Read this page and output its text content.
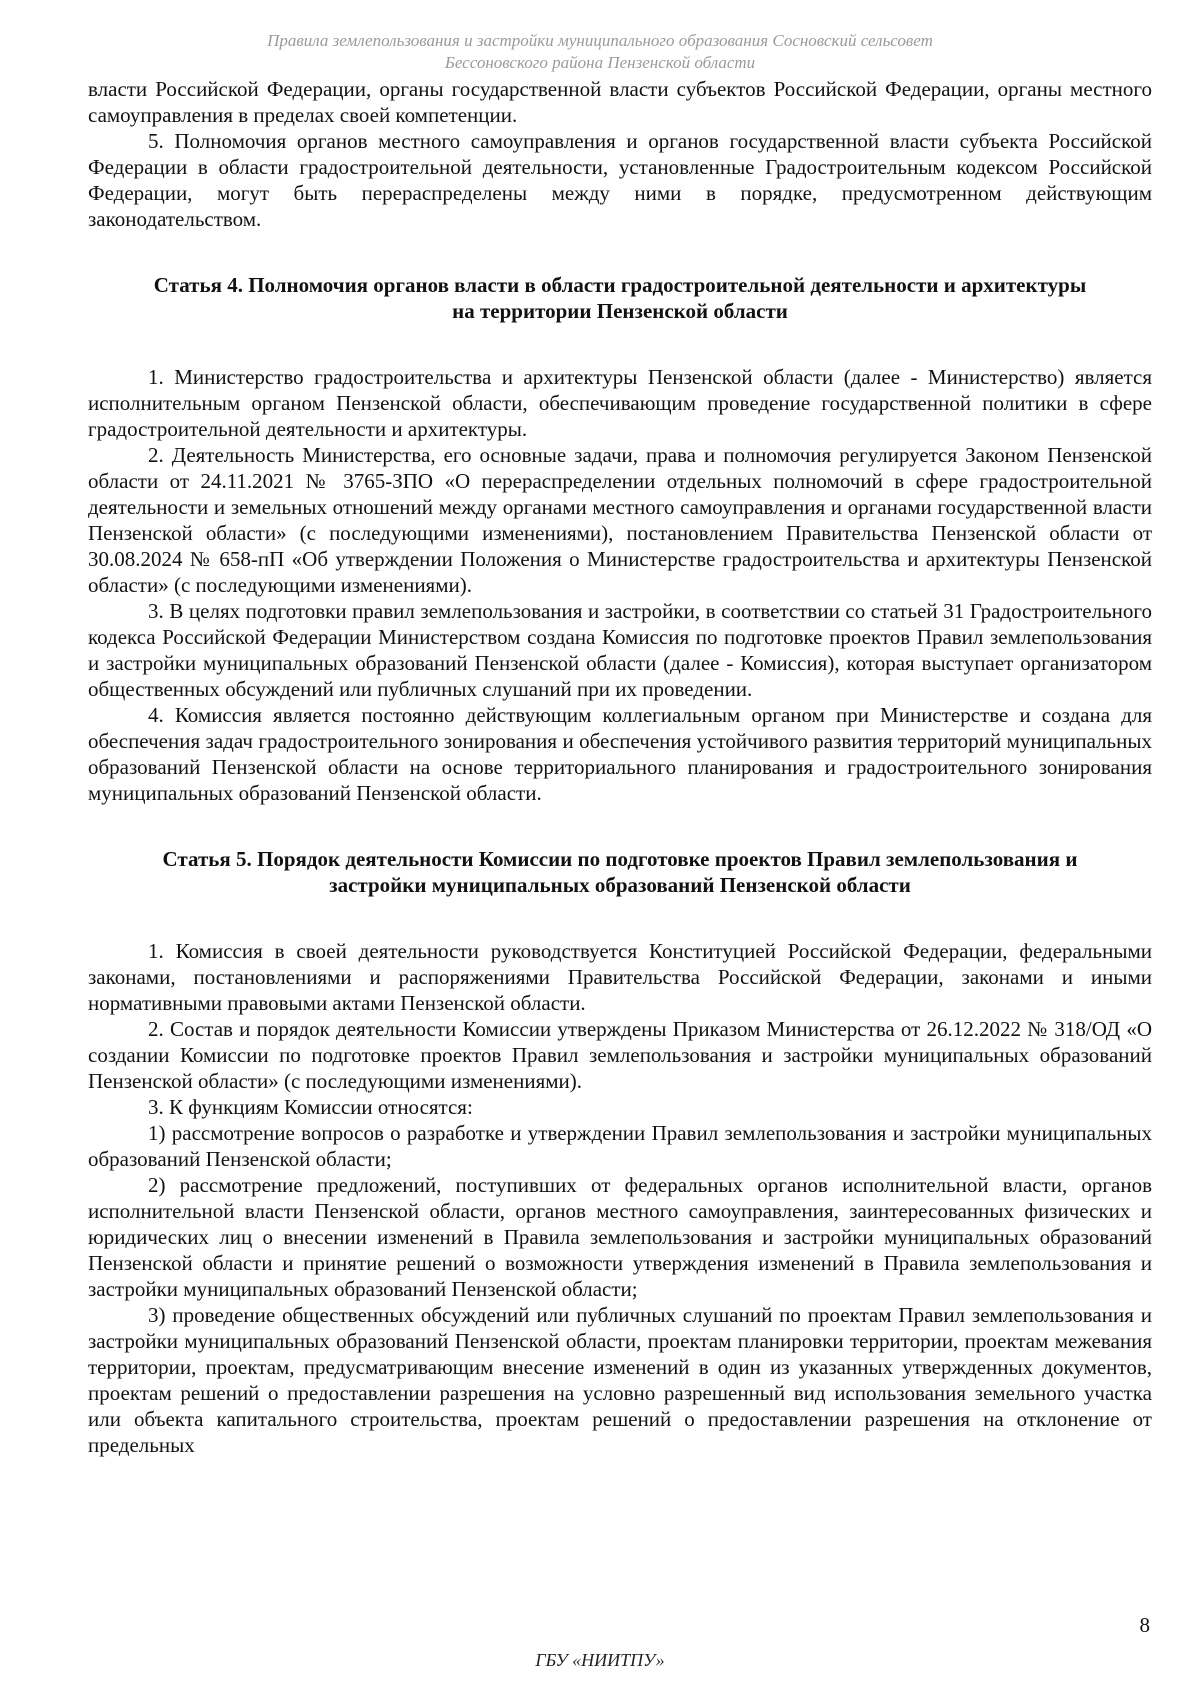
Правила землепользования и застройки муниципального образования Сосновский сельсовет
Бессоновского района Пензенской области

власти Российской Федерации, органы государственной власти субъектов Российской Федерации, органы местного самоуправления в пределах своей компетенции.

5. Полномочия органов местного самоуправления и органов государственной власти субъекта Российской Федерации в области градостроительной деятельности, установленные Градостроительным кодексом Российской Федерации, могут быть перераспределены между ними в порядке, предусмотренном действующим законодательством.

Статья 4. Полномочия органов власти в области градостроительной деятельности и архитектуры на территории Пензенской области

1. Министерство градостроительства и архитектуры Пензенской области (далее - Министерство) является исполнительным органом Пензенской области, обеспечивающим проведение государственной политики в сфере градостроительной деятельности и архитектуры.

2. Деятельность Министерства, его основные задачи, права и полномочия регулируется Законом Пензенской области от 24.11.2021 № 3765-ЗПО «О перераспределении отдельных полномочий в сфере градостроительной деятельности и земельных отношений между органами местного самоуправления и органами государственной власти Пензенской области» (с последующими изменениями), постановлением Правительства Пензенской области от 30.08.2024 № 658-пП «Об утверждении Положения о Министерстве градостроительства и архитектуры Пензенской области» (с последующими изменениями).

3. В целях подготовки правил землепользования и застройки, в соответствии со статьей 31 Градостроительного кодекса Российской Федерации Министерством создана Комиссия по подготовке проектов Правил землепользования и застройки муниципальных образований Пензенской области (далее - Комиссия), которая выступает организатором общественных обсуждений или публичных слушаний при их проведении.

4. Комиссия является постоянно действующим коллегиальным органом при Министерстве и создана для обеспечения задач градостроительного зонирования и обеспечения устойчивого развития территорий муниципальных образований Пензенской области на основе территориального планирования и градостроительного зонирования муниципальных образований Пензенской области.

Статья 5. Порядок деятельности Комиссии по подготовке проектов Правил землепользования и застройки муниципальных образований Пензенской области

1. Комиссия в своей деятельности руководствуется Конституцией Российской Федерации, федеральными законами, постановлениями и распоряжениями Правительства Российской Федерации, законами и иными нормативными правовыми актами Пензенской области.

2. Состав и порядок деятельности Комиссии утверждены Приказом Министерства от 26.12.2022 № 318/ОД «О создании Комиссии по подготовке проектов Правил землепользования и застройки муниципальных образований Пензенской области» (с последующими изменениями).

3. К функциям Комиссии относятся:

1) рассмотрение вопросов о разработке и утверждении Правил землепользования и застройки муниципальных образований Пензенской области;

2) рассмотрение предложений, поступивших от федеральных органов исполнительной власти, органов исполнительной власти Пензенской области, органов местного самоуправления, заинтересованных физических и юридических лиц о внесении изменений в Правила землепользования и застройки муниципальных образований Пензенской области и принятие решений о возможности утверждения изменений в Правила землепользования и застройки муниципальных образований Пензенской области;

3) проведение общественных обсуждений или публичных слушаний по проектам Правил землепользования и застройки муниципальных образований Пензенской области, проектам планировки территории, проектам межевания территории, проектам, предусматривающим внесение изменений в один из указанных утвержденных документов, проектам решений о предоставлении разрешения на условно разрешенный вид использования земельного участка или объекта капитального строительства, проектам решений о предоставлении разрешения на отклонение от предельных

8
ГБУ «НИИТПУ»
